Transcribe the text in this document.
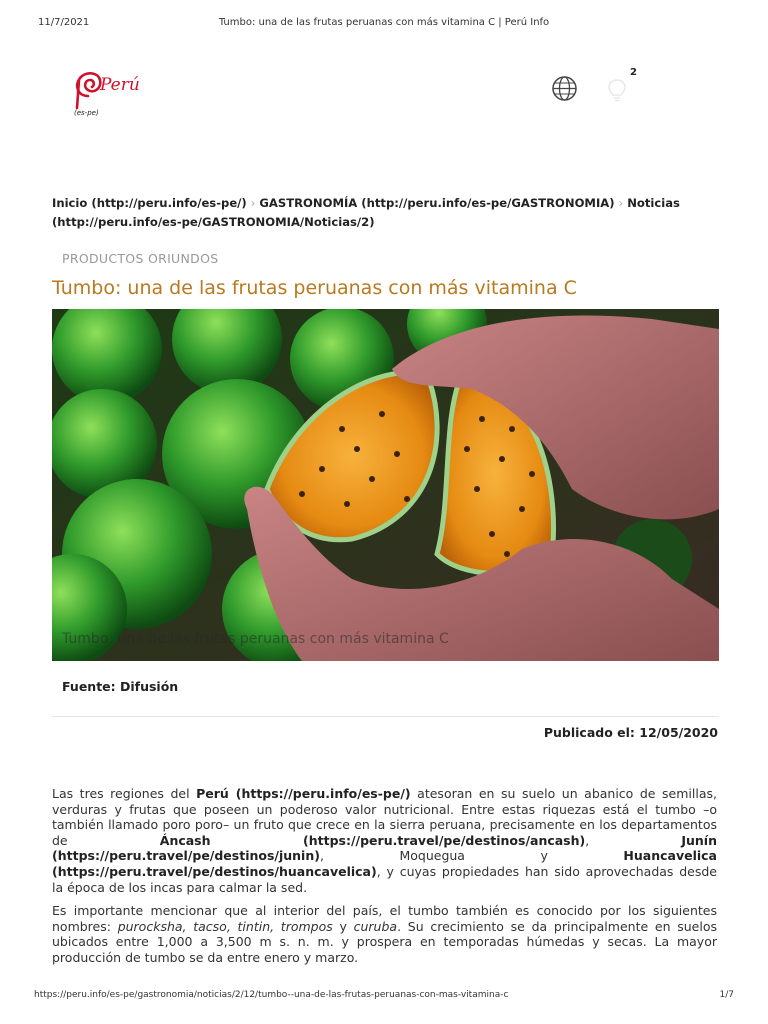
11/7/2021	Tumbo: una de las frutas peruanas con más vitamina C | Perú Info
Perú
(es-pe)
2
Inicio (http://peru.info/es-pe/) › GASTRONOMÍA (http://peru.info/es-pe/GASTRONOMIA) › Noticias (http://peru.info/es-pe/GASTRONOMIA/Noticias/2)
PRODUCTOS ORIUNDOS
Tumbo: una de las frutas peruanas con más vitamina C
Tumbo: una de las frutas peruanas con más vitamina C
Fuente: Difusión
Publicado el: 12/05/2020

Las tres regiones del Perú (https://peru.info/es-pe/) atesoran en su suelo un abanico de semillas, verduras y frutas que poseen un poderoso valor nutricional. Entre estas riquezas está el tumbo –o también llamado poro poro– un fruto que crece en la sierra peruana, precisamente en los departamentos de Áncash (https://peru.travel/pe/destinos/ancash), Junín (https://peru.travel/pe/destinos/junin), Moquegua y Huancavelica (https://peru.travel/pe/destinos/huancavelica), y cuyas propiedades han sido aprovechadas desde la época de los incas para calmar la sed.

Es importante mencionar que al interior del país, el tumbo también es conocido por los siguientes nombres: purocksha, tacso, tintin, trompos y curuba. Su crecimiento se da principalmente en suelos ubicados entre 1,000 a 3,500 m s. n. m. y prospera en temporadas húmedas y secas. La mayor producción de tumbo se da entre enero y marzo.

https://peru.info/es-pe/gastronomia/noticias/2/12/tumbo--una-de-las-frutas-peruanas-con-mas-vitamina-c	1/7
